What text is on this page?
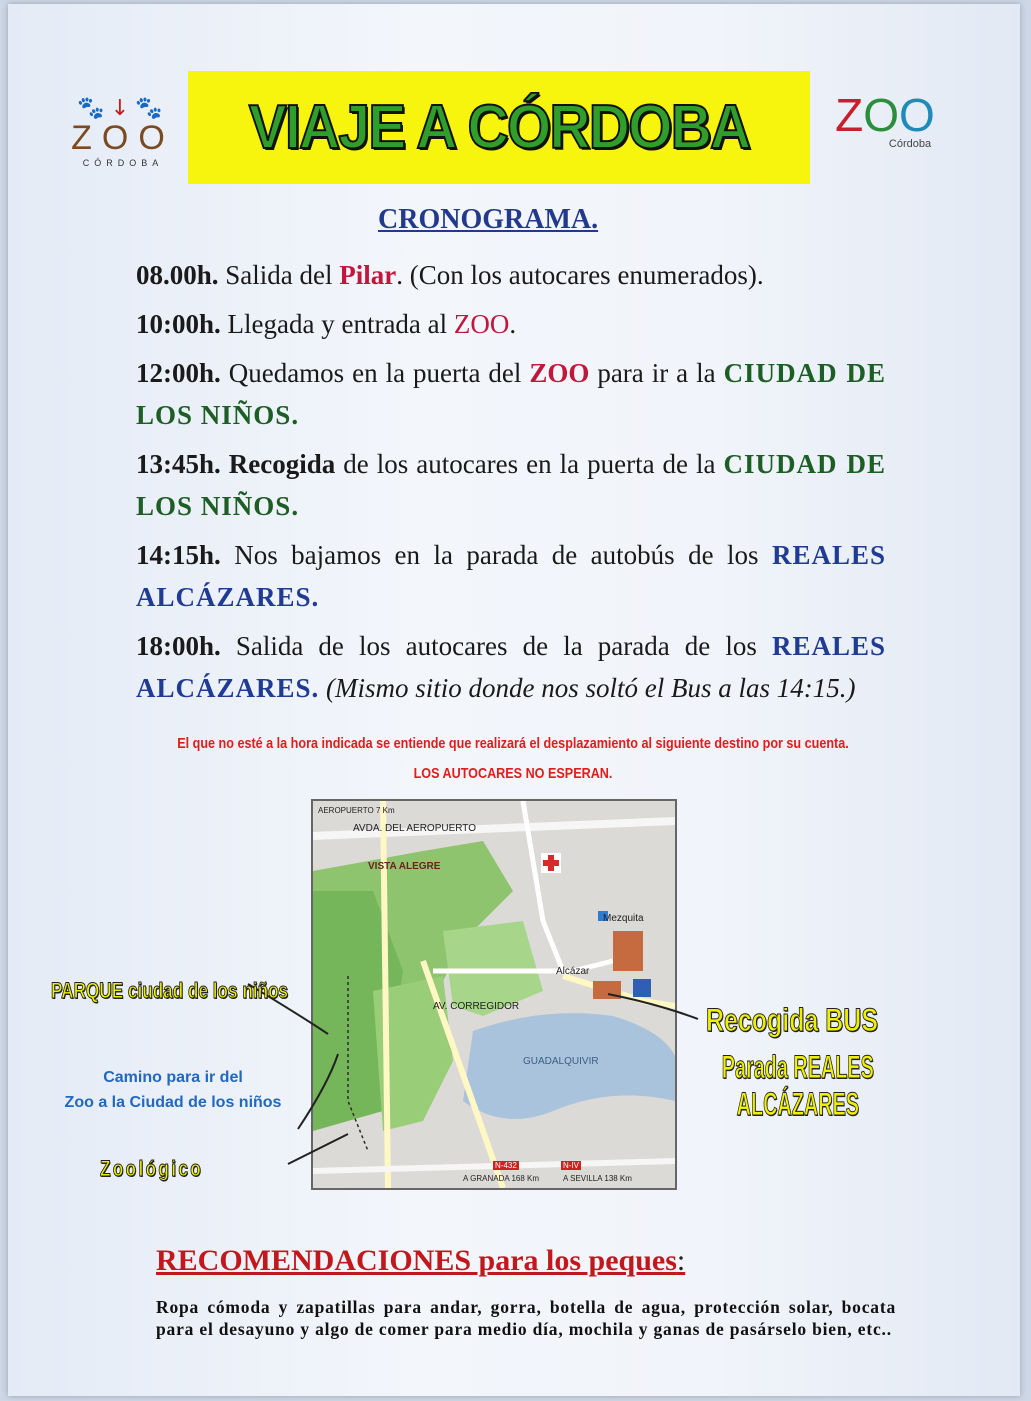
🐾↓🐾
ZOO
CÓRDOBA
VIAJE A CÓRDOBA	ZOO
Córdoba
CRONOGRAMA.
08.00h. Salida del Pilar. (Con los autocares enumerados).
10:00h. Llegada y entrada al ZOO.
12:00h. Quedamos en la puerta del ZOO para ir a la CIUDAD DE LOS NIÑOS.
13:45h. Recogida de los autocares en la puerta de la CIUDAD DE LOS NIÑOS.
14:15h. Nos bajamos en la parada de autobús de los REALES ALCÁZARES.
18:00h. Salida de los autocares de la parada de los REALES ALCÁZARES. (Mismo sitio donde nos soltó el Bus a las 14:15.)
El que no esté a la hora indicada se entiende que realizará el desplazamiento al siguiente destino por su cuenta.
LOS AUTOCARES NO ESPERAN.
AVDA. DEL AEROPUERTO
VISTA ALEGRE
AV. CORREGIDOR
GUADALQUIVIR
Mezquita
Alcázar
A GRANADA 168 Km	A SEVILLA 138 Km
AEROPUERTO 7 Km
N-432	N-IV
PARQUE ciudad de los niños
Camino para ir del
Zoo a la Ciudad de los niños
Zoológico
Recogida BUS
Parada REALES ALCÁZARES
RECOMENDACIONES para los peques:
Ropa cómoda y zapatillas para andar, gorra, botella de agua, protección solar, bocata para el desayuno y algo de comer para medio día, mochila y ganas de pasárselo bien, etc..
